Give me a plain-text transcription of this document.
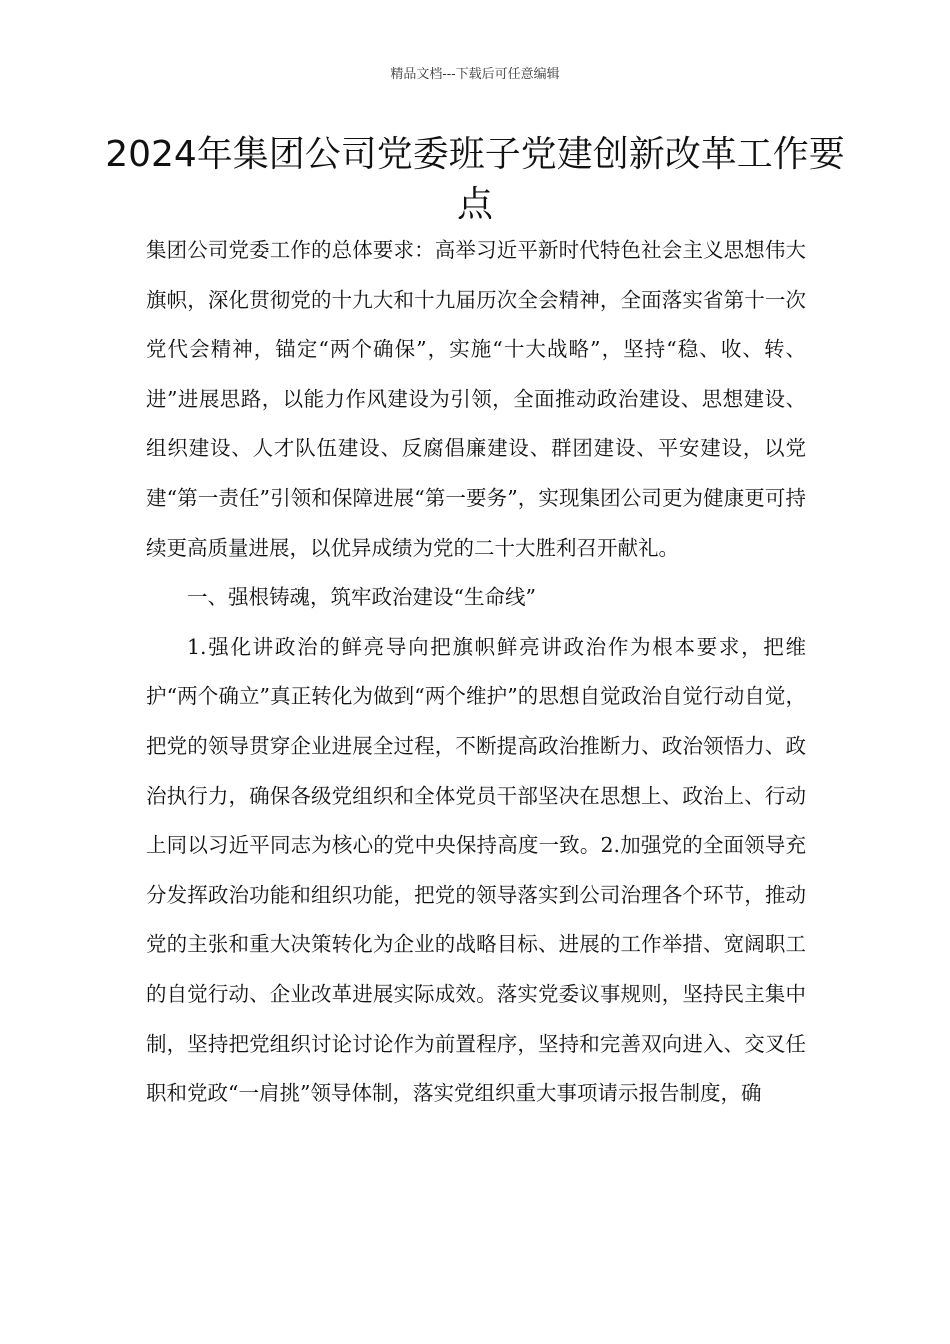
精品文档---下载后可任意编辑
2024年集团公司党委班子党建创新改革工作要点

集团公司党委工作的总体要求：高举习近平新时代特色社会主义思想伟大旗帜，深化贯彻党的十九大和十九届历次全会精神，全面落实省第十一次党代会精神，锚定“两个确保”，实施“十大战略”，坚持“稳、收、转、进”进展思路，以能力作风建设为引领，全面推动政治建设、思想建设、组织建设、人才队伍建设、反腐倡廉建设、群团建设、平安建设，以党建“第一责任”引领和保障进展“第一要务”，实现集团公司更为健康更可持续更高质量进展，以优异成绩为党的二十大胜利召开献礼。

一、强根铸魂，筑牢政治建设“生命线”

1.强化讲政治的鲜亮导向把旗帜鲜亮讲政治作为根本要求，把维护“两个确立”真正转化为做到“两个维护”的思想自觉政治自觉行动自觉，把党的领导贯穿企业进展全过程，不断提高政治推断力、政治领悟力、政治执行力，确保各级党组织和全体党员干部坚决在思想上、政治上、行动上同以习近平同志为核心的党中央保持高度一致。2.加强党的全面领导充分发挥政治功能和组织功能，把党的领导落实到公司治理各个环节，推动党的主张和重大决策转化为企业的战略目标、进展的工作举措、宽阔职工的自觉行动、企业改革进展实际成效。落实党委议事规则，坚持民主集中制，坚持把党组织讨论讨论作为前置程序，坚持和完善双向进入、交叉任职和党政“一肩挑”领导体制，落实党组织重大事项请示报告制度，确
